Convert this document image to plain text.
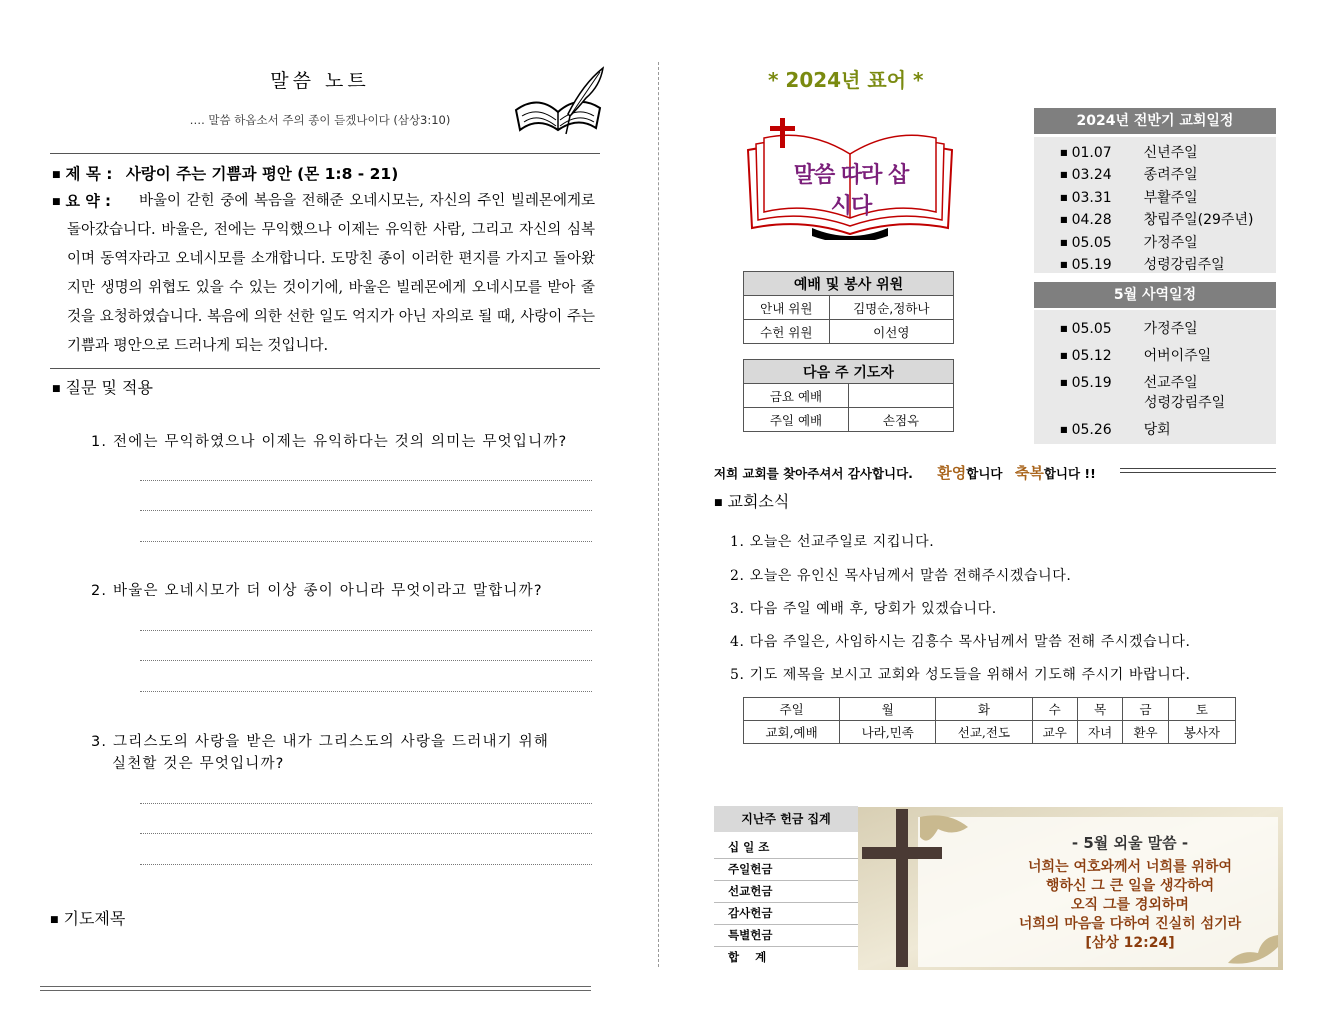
말씀 노트
…. 말씀 하옵소서 주의 종이 듣겠나이다 (삼상3:10)
■ 제 목 : 사랑이 주는 기쁨과 평안 (몬 1:8 - 21)
■ 요 약 :	바울이 갇힌 중에 복음을 전해준 오네시모는, 자신의 주인 빌레몬에게로 돌아갔습니다. 바울은, 전에는 무익했으나 이제는 유익한 사람, 그리고 자신의 심복이며 동역자라고 오네시모를 소개합니다. 도망친 종이 이러한 편지를 가지고 돌아왔지만 생명의 위협도 있을 수 있는 것이기에, 바울은 빌레몬에게 오네시모를 받아 줄 것을 요청하였습니다. 복음에 의한 선한 일도 억지가 아닌 자의로 될 때, 사랑이 주는 기쁨과 평안으로 드러나게 되는 것입니다.
■ 질문 및 적용
1. 전에는 무익하였으나 이제는 유익하다는 것의 의미는 무엇입니까?
2. 바울은 오네시모가 더 이상 종이 아니라 무엇이라고 말합니까?
3. 그리스도의 사랑을 받은 내가 그리스도의 사랑을 드러내기 위해
실천할 것은 무엇입니까?
■ 기도제목
* 2024년 표어 *
말씀 따라 삽시다
예배 및 봉사 위원	
안내 위원	김명순,정하나
수헌 위원	이선영
다음 주 기도자	
금요 예배	
주일 예배	손점옥
2024년 전반기 교회일정
■ 01.07 신년주일
■ 03.24 종려주일
■ 03.31 부활주일
■ 04.28 창립주일(29주년)
■ 05.05 가정주일
■ 05.19 성령강림주일
5월 사역일정
■ 05.05 가정주일
■ 05.12 어버이주일
■ 05.19 선교주일
성령강림주일
■ 05.26 당회
저희 교회를 찾아주셔서 감사합니다. 환영합니다 축복합니다 !!
■ 교회소식
1. 오늘은 선교주일로 지킵니다.
2. 오늘은 유인신 목사님께서 말씀 전해주시겠습니다.
3. 다음 주일 예배 후, 당회가 있겠습니다.
4. 다음 주일은, 사임하시는 김흥수 목사님께서 말씀 전해 주시겠습니다.
5. 기도 제목을 보시고 교회와 성도들을 위해서 기도해 주시기 바랍니다.
주일	월	화	수	목	금	토
교회,예배	나라,민족	선교,전도	교우	자녀	환우	봉사자
지난주 헌금 집계
십 일 조
주일헌금
선교헌금
감사헌금
특별헌금
합    계
- 5월 외울 말씀 -
너희는 여호와께서 너희를 위하여
행하신 그 큰 일을 생각하여
오직 그를 경외하며
너희의 마음을 다하여 진실히 섬기라
[삼상 12:24]
